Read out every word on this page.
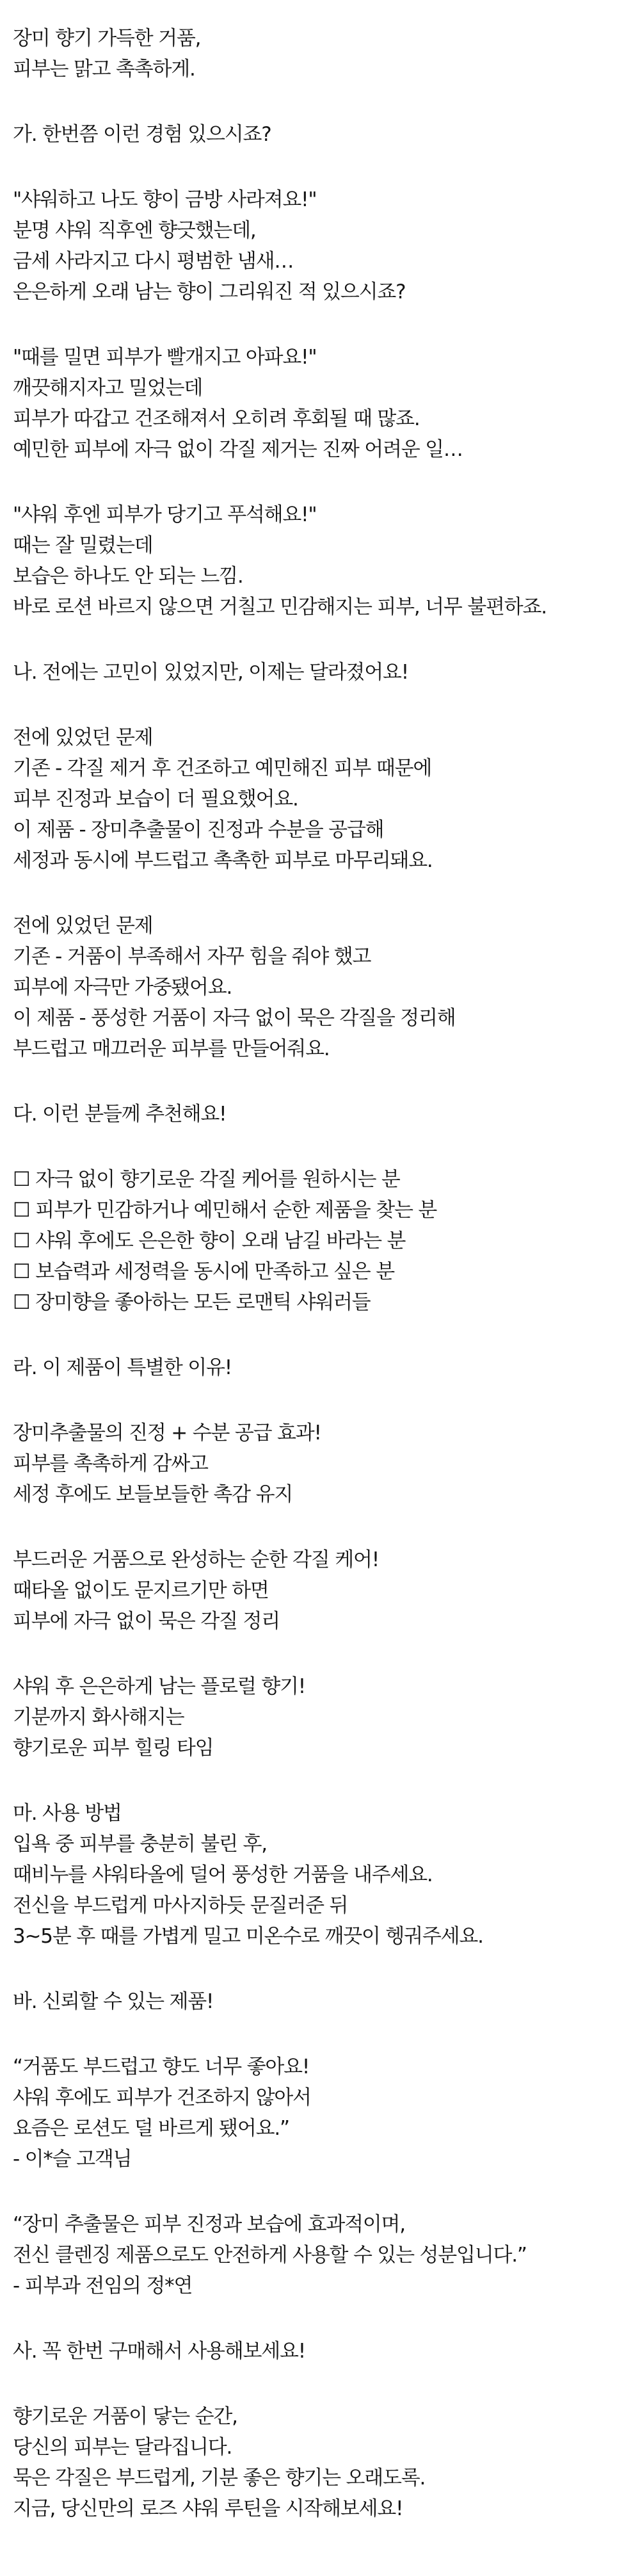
장미 향기 가득한 거품,
피부는 맑고 촉촉하게.
가. 한번쯤 이런 경험 있으시죠?
"샤워하고 나도 향이 금방 사라져요!"
분명 샤워 직후엔 향긋했는데,
금세 사라지고 다시 평범한 냄새…
은은하게 오래 남는 향이 그리워진 적 있으시죠?
"때를 밀면 피부가 빨개지고 아파요!"
깨끗해지자고 밀었는데
피부가 따갑고 건조해져서 오히려 후회될 때 많죠.
예민한 피부에 자극 없이 각질 제거는 진짜 어려운 일…
"샤워 후엔 피부가 당기고 푸석해요!"
때는 잘 밀렸는데
보습은 하나도 안 되는 느낌.
바로 로션 바르지 않으면 거칠고 민감해지는 피부, 너무 불편하죠.
나. 전에는 고민이 있었지만, 이제는 달라졌어요!
전에 있었던 문제
기존 - 각질 제거 후 건조하고 예민해진 피부 때문에
피부 진정과 보습이 더 필요했어요.
이 제품 - 장미추출물이 진정과 수분을 공급해
세정과 동시에 부드럽고 촉촉한 피부로 마무리돼요.
전에 있었던 문제
기존 - 거품이 부족해서 자꾸 힘을 줘야 했고
피부에 자극만 가중됐어요.
이 제품 - 풍성한 거품이 자극 없이 묵은 각질을 정리해
부드럽고 매끄러운 피부를 만들어줘요.
다. 이런 분들께 추천해요!
☐ 자극 없이 향기로운 각질 케어를 원하시는 분
☐ 피부가 민감하거나 예민해서 순한 제품을 찾는 분
☐ 샤워 후에도 은은한 향이 오래 남길 바라는 분
☐ 보습력과 세정력을 동시에 만족하고 싶은 분
☐ 장미향을 좋아하는 모든 로맨틱 샤워러들
라. 이 제품이 특별한 이유!
장미추출물의 진정 + 수분 공급 효과!
피부를 촉촉하게 감싸고
세정 후에도 보들보들한 촉감 유지
부드러운 거품으로 완성하는 순한 각질 케어!
때타올 없이도 문지르기만 하면
피부에 자극 없이 묵은 각질 정리
샤워 후 은은하게 남는 플로럴 향기!
기분까지 화사해지는
향기로운 피부 힐링 타임
마. 사용 방법
입욕 중 피부를 충분히 불린 후,
때비누를 샤워타올에 덜어 풍성한 거품을 내주세요.
전신을 부드럽게 마사지하듯 문질러준 뒤
3~5분 후 때를 가볍게 밀고 미온수로 깨끗이 헹궈주세요.
바. 신뢰할 수 있는 제품!
“거품도 부드럽고 향도 너무 좋아요!
샤워 후에도 피부가 건조하지 않아서
요즘은 로션도 덜 바르게 됐어요.”
- 이*슬 고객님
“장미 추출물은 피부 진정과 보습에 효과적이며,
전신 클렌징 제품으로도 안전하게 사용할 수 있는 성분입니다.”
- 피부과 전임의 정*연
사. 꼭 한번 구매해서 사용해보세요!
향기로운 거품이 닿는 순간,
당신의 피부는 달라집니다.
묵은 각질은 부드럽게, 기분 좋은 향기는 오래도록.
지금, 당신만의 로즈 샤워 루틴을 시작해보세요!
